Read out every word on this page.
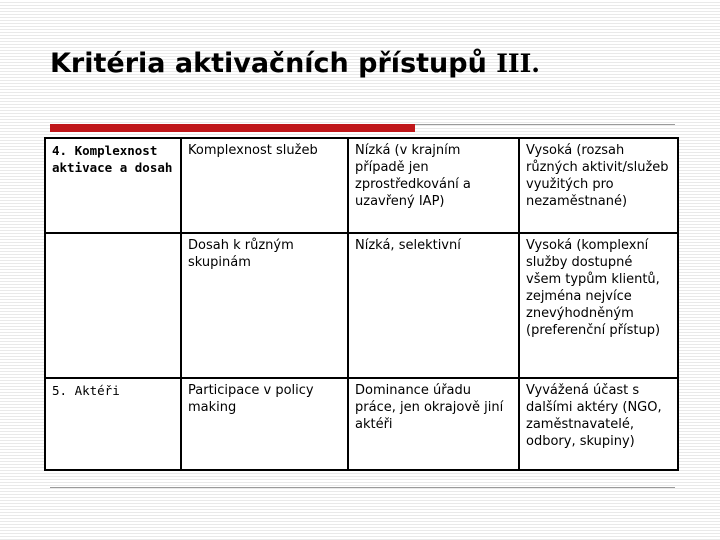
Kritéria aktivačních přístupů III.
4. Komplexnost aktivace a dosah	Komplexnost služeb	Nízká (v krajním případě jen zprostředkování a uzavřený IAP)	Vysoká (rozsah různých aktivit/služeb využitých pro nezaměstnané)
	Dosah k různým skupinám	Nízká, selektivní	Vysoká (komplexní služby dostupné všem typům klientů, zejména nejvíce znevýhodněným (preferenční přístup)
5. Aktéři	Participace v policy making	Dominance úřadu práce, jen okrajově jiní aktéři	Vyvážená účast s dalšími aktéry (NGO, zaměstnavatelé, odbory, skupiny)
